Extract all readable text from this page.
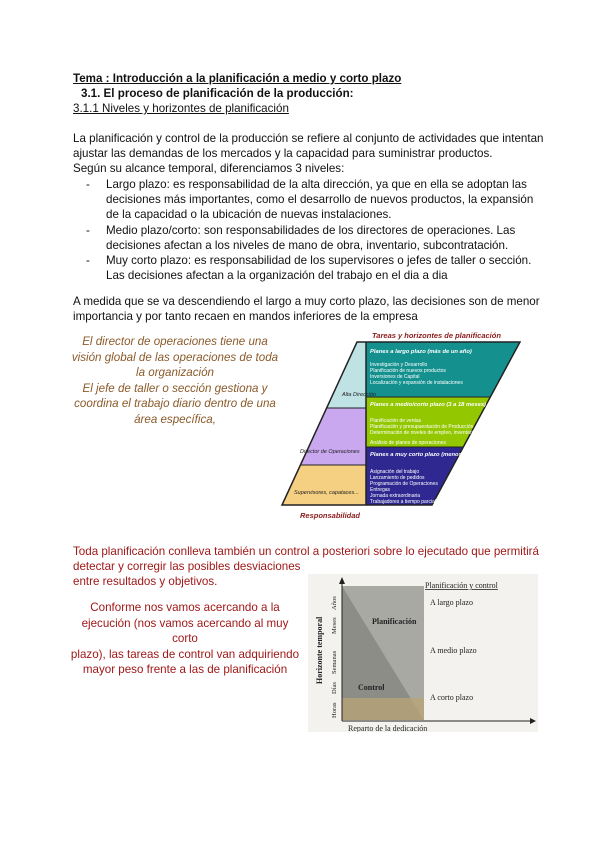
Tema : Introducción a la planificación a medio y corto plazo
3.1. El proceso de planificación de la producción:
3.1.1 Niveles y horizontes de planificación
La planificación y control de la producción se refiere al conjunto de actividades que intentan
ajustar las demandas de los mercados y la capacidad para suministrar productos.
Según su alcance temporal, diferenciamos 3 niveles:
- Largo plazo: es responsabilidad de la alta dirección, ya que en ella se adoptan las
decisiones más importantes, como el desarrollo de nuevos productos, la expansión
de la capacidad o la ubicación de nuevas instalaciones.
- Medio plazo/corto: son responsabilidades de los directores de operaciones. Las
decisiones afectan a los niveles de mano de obra, inventario, subcontratación.
- Muy corto plazo: es responsabilidad de los supervisores o jefes de taller o sección.
Las decisiones afectan a la organización del trabajo en el dia a dia
A medida que se va descendiendo el largo a muy corto plazo, las decisiones son de menor
importancia y por tanto recaen en mandos inferiores de la empresa
El director de operaciones tiene una
visión global de las operaciones de toda
la organización
El jefe de taller o sección gestiona y
coordina el trabajo diario dentro de una
área específica,
Tareas y horizontes de planificación
Alta Dirección
Director de Operaciones
Supervisores, capataces...
Planes a largo plazo (más de un año)
Investigación y Desarrollo
Planificación de nuevos productos
Inversiones de Capital
Localización y expansión de instalaciones
Planes a medio/corto plazo (3 a 18 meses)
Planificación de ventas
Planificación y presupuestación de Producción
Determinación de niveles de empleo, inventario y subcontratación
Análisis de planes de operaciones
Planes a muy corto plazo (menos de 3 meses)
Asignación del trabajo
Lanzamiento de pedidos
Programación de Operaciones
Entregas
Jornada extraordinaria
Trabajadores a tiempo parcial
Responsabilidad
Toda planificación conlleva también un control a posteriori sobre lo ejecutado que permitirá
detectar y corregir las posibles desviaciones
entre resultados y objetivos.
Conforme nos vamos acercando a la
ejecución (nos vamos acercando al muy corto
plazo), las tareas de control van adquiriendo
mayor peso frente a las de planificación
Planificación y control
A largo plazo
A medio plazo
A corto plazo
Planificación
Control
Reparto de la dedicación
Horizonte temporal
Horas
Días
Semanas
Meses
Años
